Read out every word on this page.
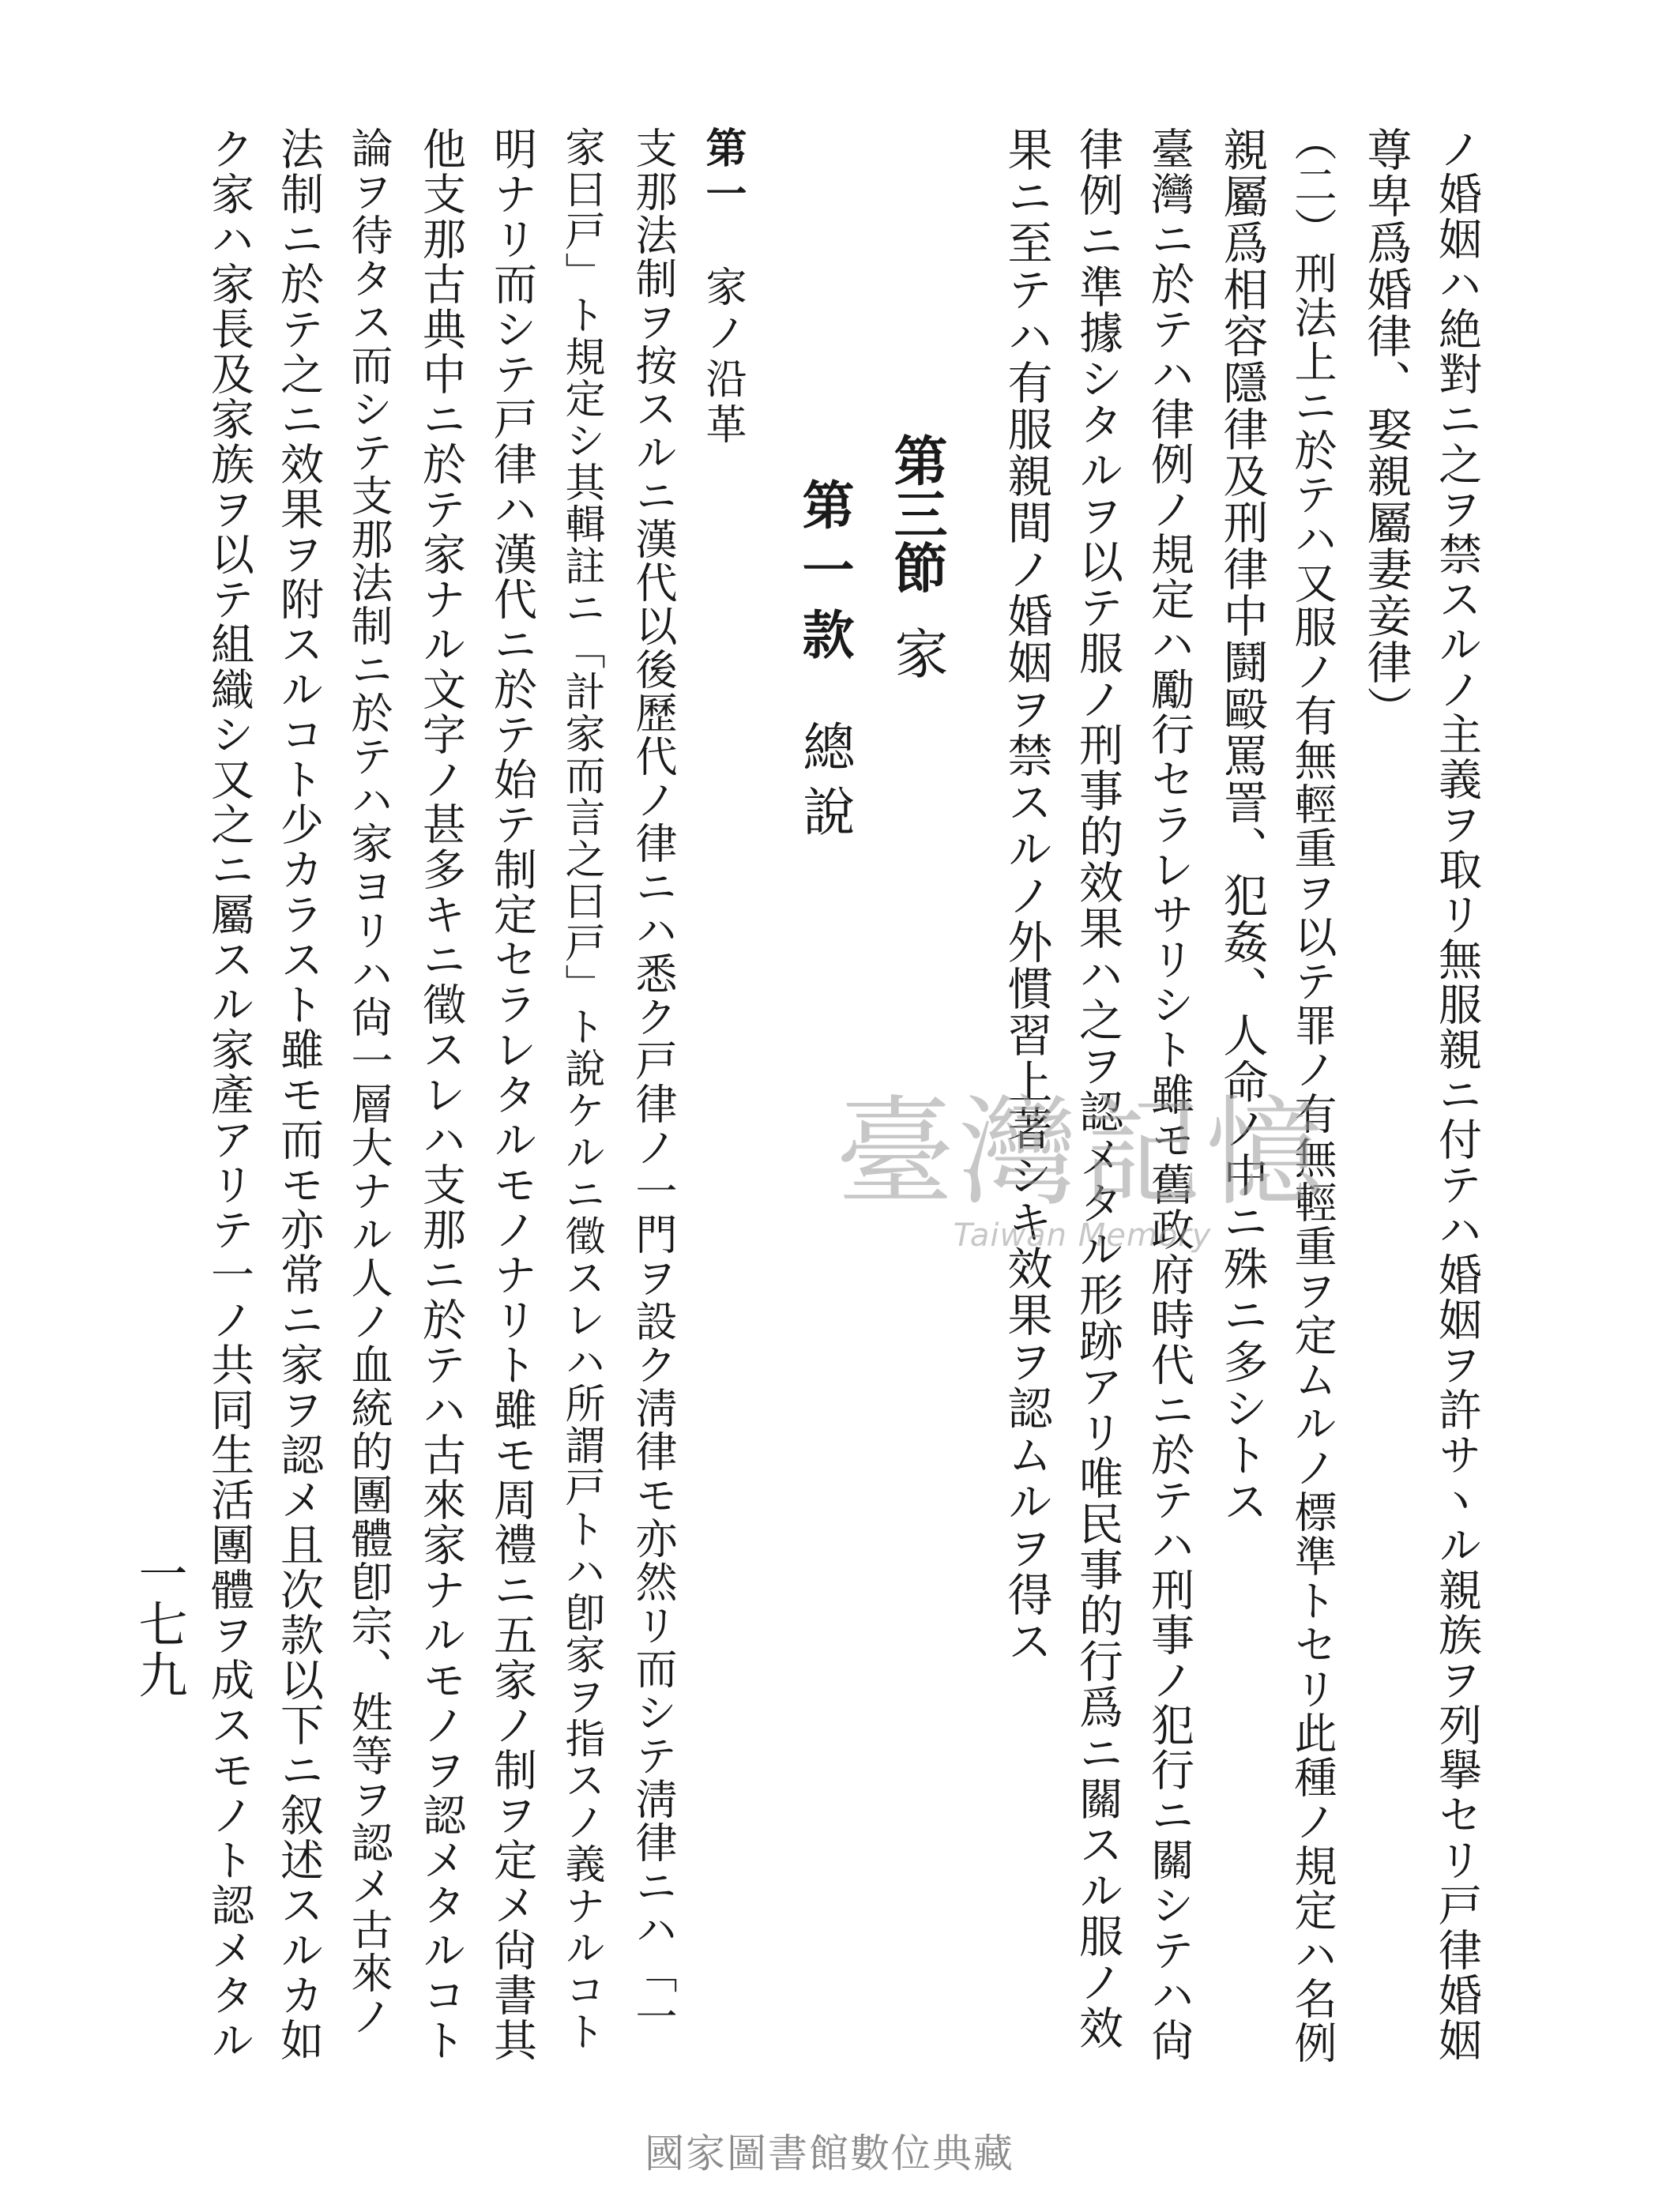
ノ婚姻ハ絶對ニ之ヲ禁スルノ主義ヲ取リ無服親ニ付テハ婚姻ヲ許サヽル親族ヲ列擧セリ戸律婚姻

尊卑爲婚律、娶親屬妻妾律）

（二）刑法上ニ於テハ又服ノ有無輕重ヲ以テ罪ノ有無輕重ヲ定ムルノ標準トセリ此種ノ規定ハ名例

親屬爲相容隱律及刑律中鬪毆罵詈、犯姦、人命ノ中ニ殊ニ多シトス

臺灣ニ於テハ律例ノ規定ハ勵行セラレサリシト雖モ舊政府時代ニ於テハ刑事ノ犯行ニ關シテハ尙

律例ニ準據シタルヲ以テ服ノ刑事的效果ハ之ヲ認メタル形跡アリ唯民事的行爲ニ關スル服ノ效

果ニ至テハ有服親間ノ婚姻ヲ禁スルノ外慣習上著シキ效果ヲ認ムルヲ得ス

第三節家
第一款總說
第一家ノ沿革

支那法制ヲ按スルニ漢代以後歷代ノ律ニハ悉ク戸律ノ一門ヲ設ク淸律モ亦然リ而シテ淸律ニハ「一

家曰戸」ト規定シ其輯註ニ「計家而言之曰戸」ト說ケルニ徵スレハ所謂戸トハ卽家ヲ指スノ義ナルコト

明ナリ而シテ戸律ハ漢代ニ於テ始テ制定セラレタルモノナリト雖モ周禮ニ五家ノ制ヲ定メ尙書其

他支那古典中ニ於テ家ナル文字ノ甚多キニ徵スレハ支那ニ於テハ古來家ナルモノヲ認メタルコト

論ヲ待タス而シテ支那法制ニ於テハ家ヨリハ尙一層大ナル人ノ血統的團體卽宗、姓等ヲ認メ古來ノ

法制ニ於テ之ニ效果ヲ附スルコト少カラスト雖モ而モ亦常ニ家ヲ認メ且次款以下ニ叙述スルカ如

ク家ハ家長及家族ヲ以テ組織シ又之ニ屬スル家產アリテ一ノ共同生活團體ヲ成スモノト認メタル

一七九

臺灣記憶
Taiwan Memory
國家圖書館數位典藏
